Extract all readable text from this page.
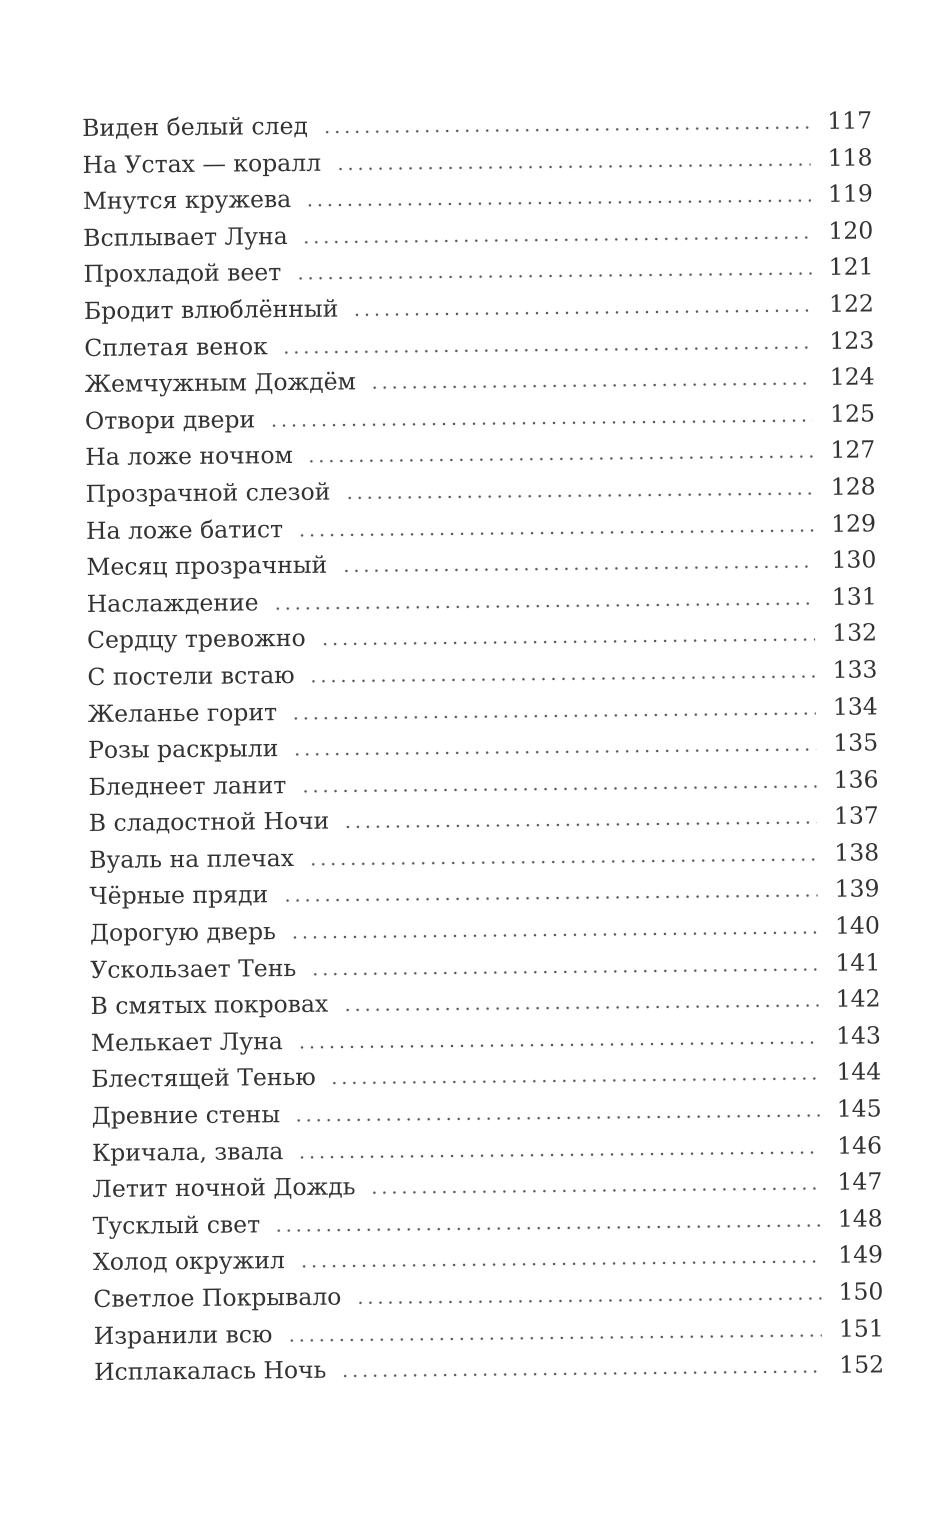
Виден белый след	117
На Устах — коралл	118
Мнутся кружева	119
Всплывает Луна	120
Прохладой веет	121
Бродит влюблённый	122
Сплетая венок	123
Жемчужным Дождём	124
Отвори двери	125
На ложе ночном	127
Прозрачной слезой	128
На ложе батист	129
Месяц прозрачный	130
Наслаждение	131
Сердцу тревожно	132
С постели встаю	133
Желанье горит	134
Розы раскрыли	135
Бледнеет ланит	136
В сладостной Ночи	137
Вуаль на плечах	138
Чёрные пряди	139
Дорогую дверь	140
Ускользает Тень	141
В смятых покровах	142
Мелькает Луна	143
Блестящей Тенью	144
Древние стены	145
Кричала, звала	146
Летит ночной Дождь	147
Тусклый свет	148
Холод окружил	149
Светлое Покрывало	150
Изранили всю	151
Исплакалась Ночь	152
